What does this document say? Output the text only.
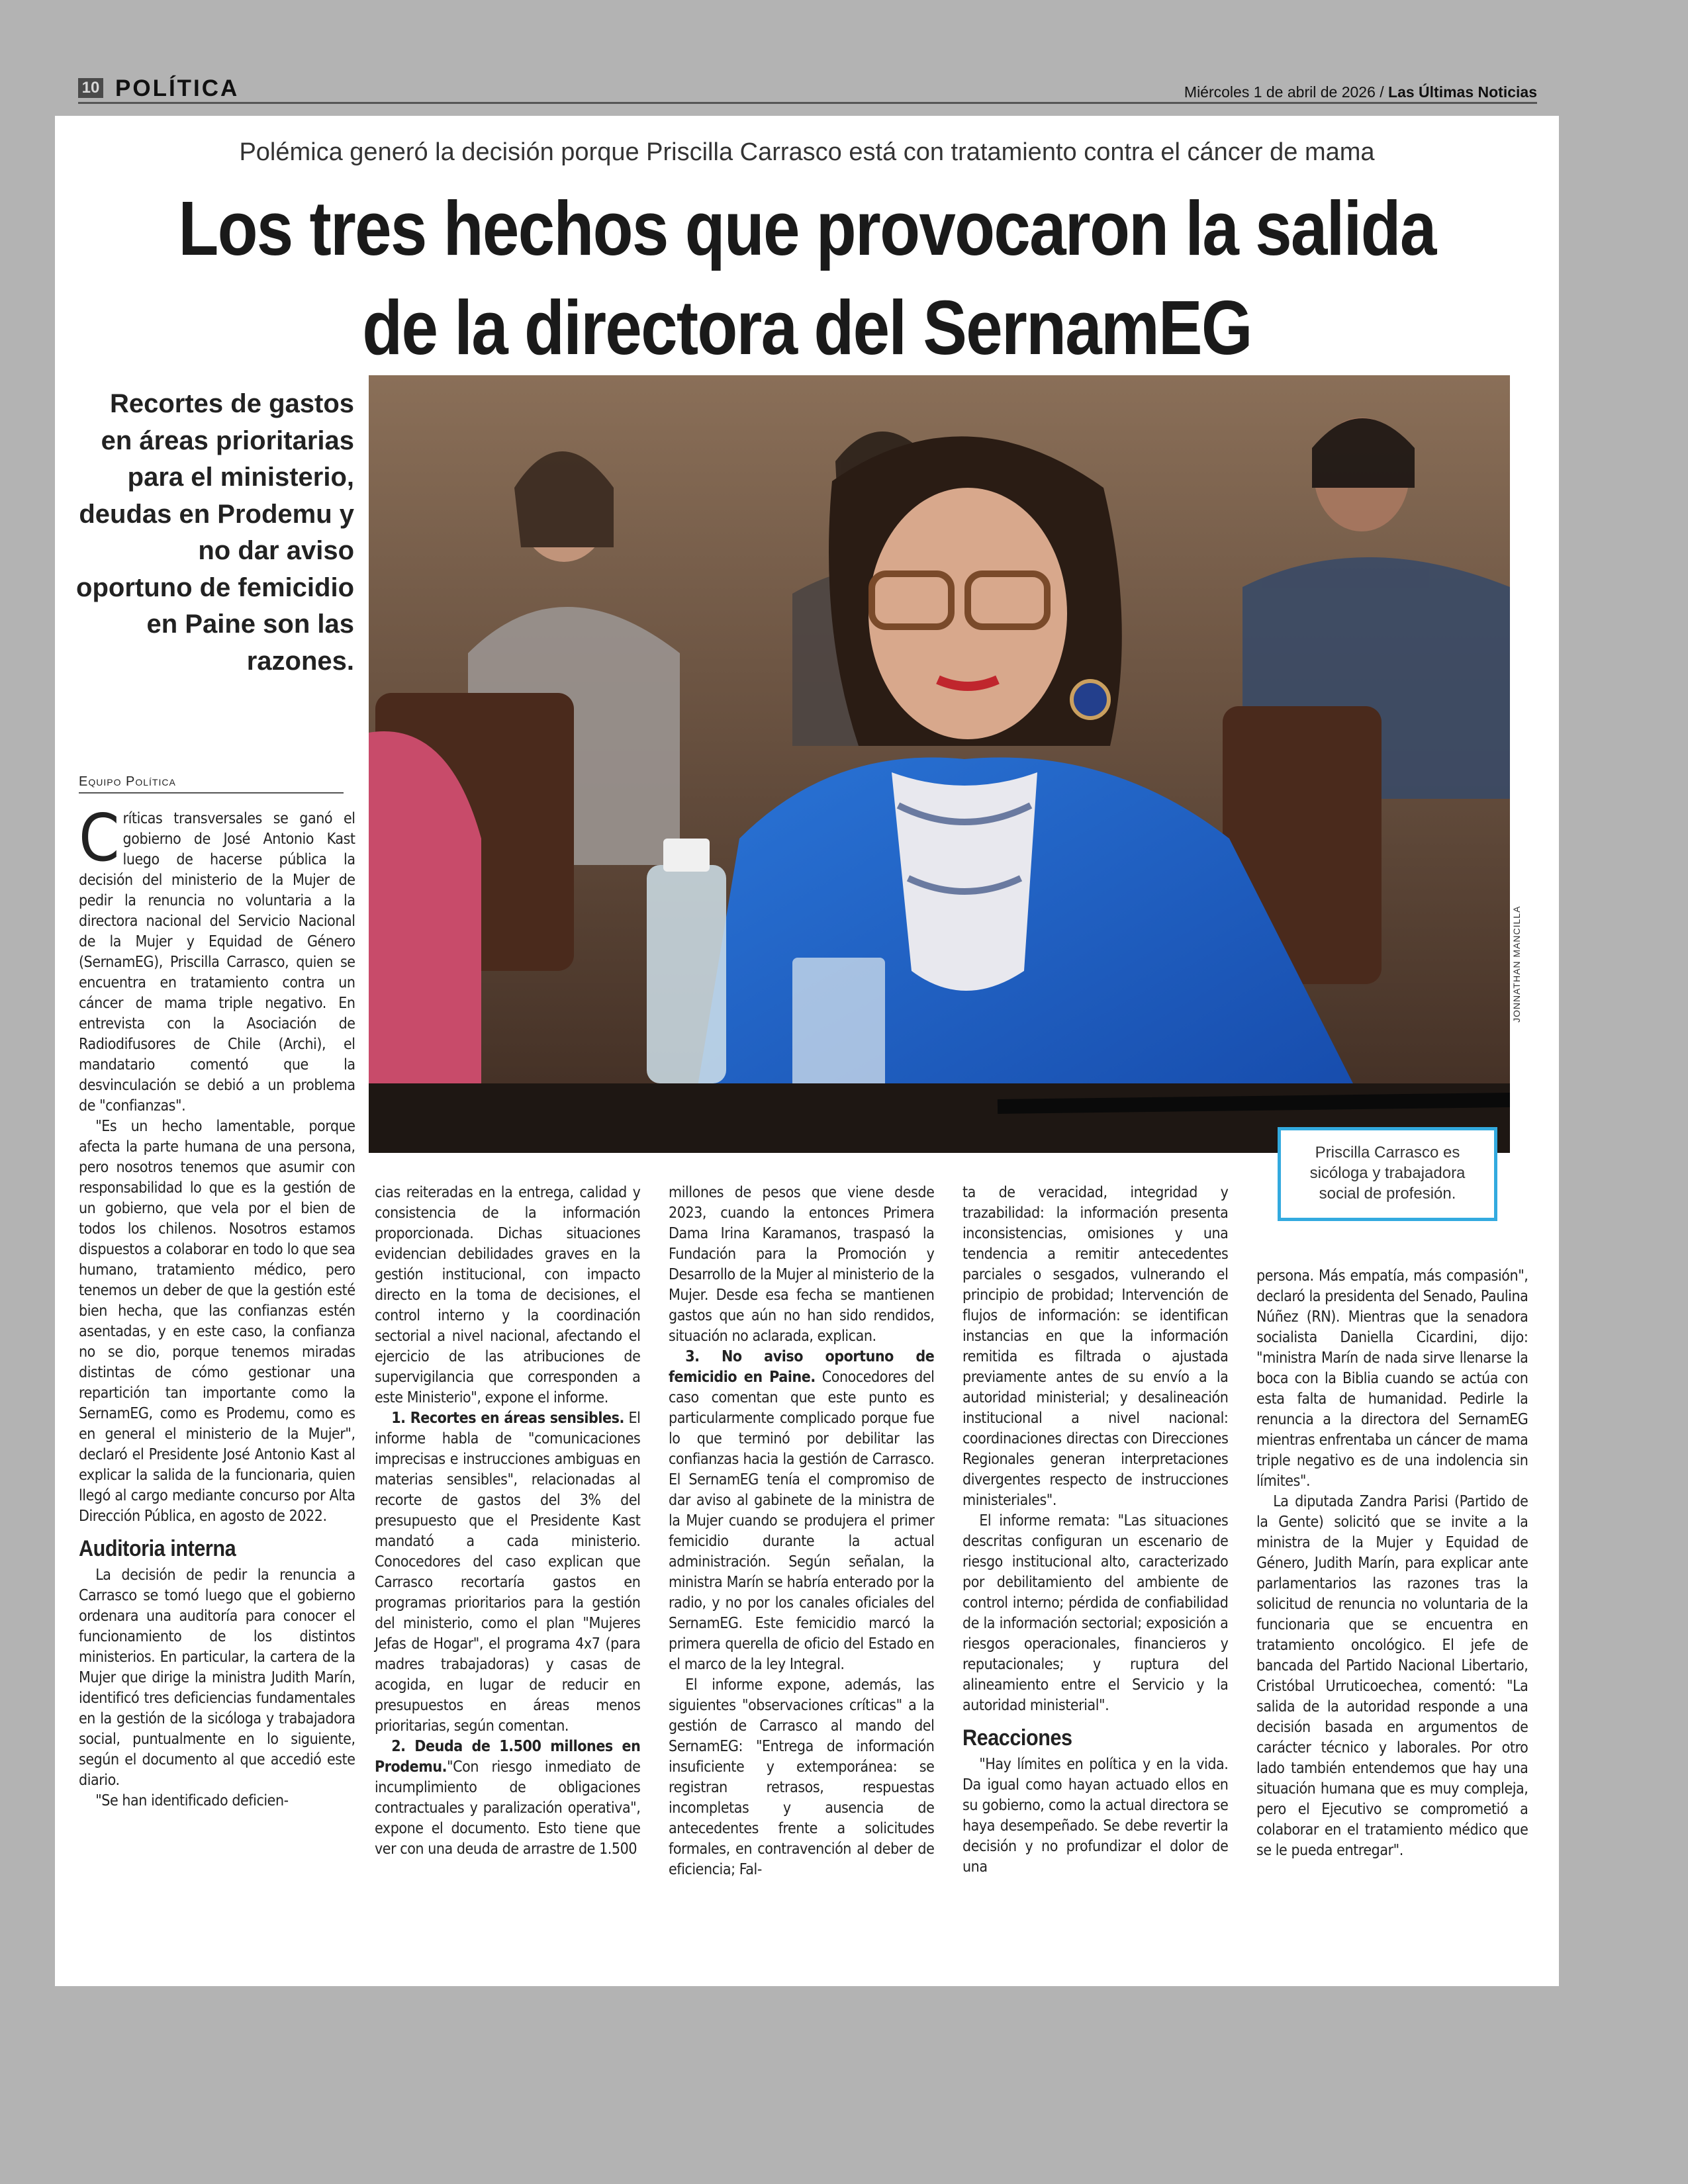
10 POLÍTICA	Miércoles 1 de abril de 2026 / Las Últimas Noticias
Polémica generó la decisión porque Priscilla Carrasco está con tratamiento contra el cáncer de mama
Los tres hechos que provocaron la salida
de la directora del SernamEG
Recortes de gastos en áreas prioritarias para el ministerio, deudas en Prodemu y no dar aviso oportuno de femicidio en Paine son las razones.
JONNATHAN MANCILLA
Priscilla Carrasco es sicóloga y trabajadora social de profesión.
Equipo Política

Críticas transversales se ganó el gobierno de José Antonio Kast luego de hacerse pública la decisión del ministerio de la Mujer de pedir la renuncia no voluntaria a la directora nacional del Servicio Nacional de la Mujer y Equidad de Género (SernamEG), Priscilla Carrasco, quien se encuentra en tratamiento contra un cáncer de mama triple negativo. En entrevista con la Asociación de Radiodifusores de Chile (Archi), el mandatario comentó que la desvinculación se debió a un problema de "confianzas".

"Es un hecho lamentable, porque afecta la parte humana de una persona, pero nosotros tenemos que asumir con responsabilidad lo que es la gestión de un gobierno, que vela por el bien de todos los chilenos. Nosotros estamos dispuestos a colaborar en todo lo que sea humano, tratamiento médico, pero tenemos un deber de que la gestión esté bien hecha, que las confianzas estén asentadas, y en este caso, la confianza no se dio, porque tenemos miradas distintas de cómo gestionar una repartición tan importante como la SernamEG, como es Prodemu, como es en general el ministerio de la Mujer", declaró el Presidente José Antonio Kast al explicar la salida de la funcionaria, quien llegó al cargo mediante concurso por Alta Dirección Pública, en agosto de 2022.

Auditoria interna

La decisión de pedir la renuncia a Carrasco se tomó luego que el gobierno ordenara una auditoría para conocer el funcionamiento de los distintos ministerios. En particular, la cartera de la Mujer que dirige la ministra Judith Marín, identificó tres deficiencias fundamentales en la gestión de la sicóloga y trabajadora social, puntualmente en lo siguiente, según el documento al que accedió este diario.

"Se han identificado deficien-

cias reiteradas en la entrega, calidad y consistencia de la información proporcionada. Dichas situaciones evidencian debilidades graves en la gestión institucional, con impacto directo en la toma de decisiones, el control interno y la coordinación sectorial a nivel nacional, afectando el ejercicio de las atribuciones de supervigilancia que corresponden a este Ministerio", expone el informe.

1. Recortes en áreas sensibles. El informe habla de "comunicaciones imprecisas e instrucciones ambiguas en materias sensibles", relacionadas al recorte de gastos del 3% del presupuesto que el Presidente Kast mandató a cada ministerio. Conocedores del caso explican que Carrasco recortaría gastos en programas prioritarios para la gestión del ministerio, como el plan "Mujeres Jefas de Hogar", el programa 4x7 (para madres trabajadoras) y casas de acogida, en lugar de reducir en presupuestos en áreas menos prioritarias, según comentan.

2. Deuda de 1.500 millones en Prodemu."Con riesgo inmediato de incumplimiento de obligaciones contractuales y paralización operativa", expone el documento. Esto tiene que ver con una deuda de arrastre de 1.500

millones de pesos que viene desde 2023, cuando la entonces Primera Dama Irina Karamanos, traspasó la Fundación para la Promoción y Desarrollo de la Mujer al ministerio de la Mujer. Desde esa fecha se mantienen gastos que aún no han sido rendidos, situación no aclarada, explican.

3. No aviso oportuno de femicidio en Paine. Conocedores del caso comentan que este punto es particularmente complicado porque fue lo que terminó por debilitar las confianzas hacia la gestión de Carrasco. El SernamEG tenía el compromiso de dar aviso al gabinete de la ministra de la Mujer cuando se produjera el primer femicidio durante la actual administración. Según señalan, la ministra Marín se habría enterado por la radio, y no por los canales oficiales del SernamEG. Este femicidio marcó la primera querella de oficio del Estado en el marco de la ley Integral.

El informe expone, además, las siguientes "observaciones críticas" a la gestión de Carrasco al mando del SernamEG: "Entrega de información insuficiente y extemporánea: se registran retrasos, respuestas incompletas y ausencia de antecedentes frente a solicitudes formales, en contravención al deber de eficiencia; Fal-

ta de veracidad, integridad y trazabilidad: la información presenta inconsistencias, omisiones y una tendencia a remitir antecedentes parciales o sesgados, vulnerando el principio de probidad; Intervención de flujos de información: se identifican instancias en que la información remitida es filtrada o ajustada previamente antes de su envío a la autoridad ministerial; y desalineación institucional a nivel nacional: coordinaciones directas con Direcciones Regionales generan interpretaciones divergentes respecto de instrucciones ministeriales".

El informe remata: "Las situaciones descritas configuran un escenario de riesgo institucional alto, caracterizado por debilitamiento del ambiente de control interno; pérdida de confiabilidad de la información sectorial; exposición a riesgos operacionales, financieros y reputacionales; y ruptura del alineamiento entre el Servicio y la autoridad ministerial".

Reacciones

"Hay límites en política y en la vida. Da igual como hayan actuado ellos en su gobierno, como la actual directora se haya desempeñado. Se debe revertir la decisión y no profundizar el dolor de una

persona. Más empatía, más compasión", declaró la presidenta del Senado, Paulina Núñez (RN). Mientras que la senadora socialista Daniella Cicardini, dijo: "ministra Marín de nada sirve llenarse la boca con la Biblia cuando se actúa con esta falta de humanidad. Pedirle la renuncia a la directora del SernamEG mientras enfrentaba un cáncer de mama triple negativo es de una indolencia sin límites".

La diputada Zandra Parisi (Partido de la Gente) solicitó que se invite a la ministra de la Mujer y Equidad de Género, Judith Marín, para explicar ante parlamentarios las razones tras la solicitud de renuncia no voluntaria de la funcionaria que se encuentra en tratamiento oncológico. El jefe de bancada del Partido Nacional Libertario, Cristóbal Urruticoechea, comentó: "La salida de la autoridad responde a una decisión basada en argumentos de carácter técnico y laborales. Por otro lado también entendemos que hay una situación humana que es muy compleja, pero el Ejecutivo se comprometió a colaborar en el tratamiento médico que se le pueda entregar".
